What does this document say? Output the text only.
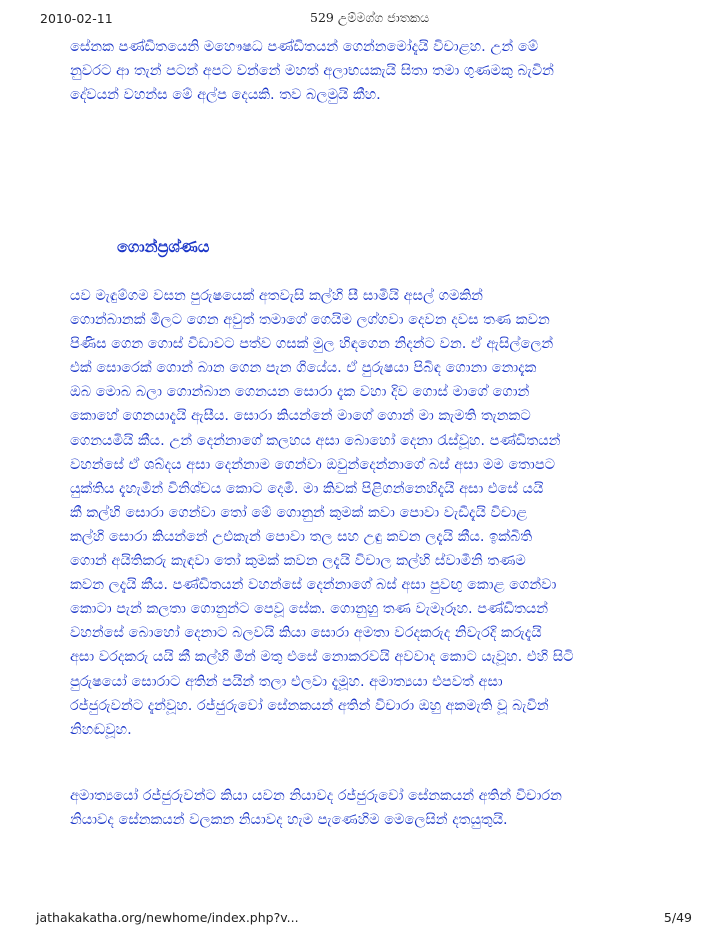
2010-02-11	529 උම්මග්ග ජාතකය
සේනක පණ්ඩිතයෙනි මහෞෂධ පණ්ඩිතයන් ගෙන්නමෝදැයි විචාළහ. උන් මේ
නුවරට ආ තැන් පටන් අපට වන්නේ මහත් අලාභයකැයි සිතා තමා ගුණමකු බැවින්
දේවයන් වහන්ස මේ අල්ප දෙයකි. තව බලමුයි කීහ.
ගොන්ප්‍රශ්ණය
යව මැඳුම්ගම වසන පුරුෂයෙක් අතවැසි කල්හි සී සාමියි අසල් ගමකින්
ගොන්බානක් මිලට ගෙන අවුත් තමාගේ ගෙයිම ලග්ගවා දෙවන දවස තණ කවන
පිණිස ගෙන ගොස් විඩාවට පත්ව ගසක් මුල හිඳගෙන නිදන්ට වන. ඒ ඇසිල්ලෙන්
එක් සොරෙක් ගොන් බාන ගෙන පැන ගියේය. ඒ පුරුෂයා පිබිඳ ගොනා නොදැක
ඔබ මොබ බලා ගොන්බාන ගෙනයන සොරා දැක වහා දිව ගොස් මාගේ ගොන්
කොහේ ගෙනයාදැයි ඇසීය. සොරා කියන්නේ මාගේ ගොන් මා කැමති තැනකට
ගෙනයමියි කීය. උන් දෙන්නාගේ කලහය අසා බොහෝ දෙනා රැස්වූහ. පණ්ඩිතයන්
වහන්සේ ඒ ශබ්දය අසා දෙන්නාම ගෙන්වා ඔවුන්දෙන්නාගේ බස් අසා මම තොපට
යුක්තිය දැහැමින් විනිශ්චය කොට දෙමි. මා කිවක් පිළිගන්නෙහිදැයි අසා එසේ යයි
කී කල්හි සොරා ගෙන්වා තෝ මේ ගොනුන් කුමක් කවා පොවා වැඩීදැයි විචාළ
කල්හි සොරා කියන්නේ උළුකැන් පොවා තල සහ උඳු කවන ලදැයි කීය. ඉක්බිති
ගොන් අයිතිකරු කැඳවා තෝ කුමක් කවන ලදැයි විචාල කල්හි ස්වාමීනි තණම
කවන ලදැයි කීය. පණ්ඩිතයන් වහන්සේ දෙන්නාගේ බස් අසා පුවඟු කොළ ගෙන්වා
කොටා පැන් කලතා ගොනුන්ට පෙවූ සේක. ගොනුහු තණ වැමෑරූහ. පණ්ඩිතයන්
වහන්සේ බොහෝ දෙනාට බලවයි කියා සොරා අමතා වරදකරුද නිවැරදි කරුදැයි
අසා වරදකරු යයි කී කල්හි මින් මතු එසේ නොකරවයි අවවාද කොට යැවූහ. එහි සිටි
පුරුෂයෝ සොරාට අතින් පයින් තලා එලවා දැමූහ. අමාත්‍යයා එපවත් අසා
රජ්ජුරුවන්ට දැන්වූහ. රජ්ජුරුවෝ සේනකයන් අතින් විචාරා ඔහු අකමැති වූ බැවින්
නිහඬවූහ.
අමාත්‍යයෝ රජ්ජුරුවන්ට කියා යවන නියාවද රජ්ජුරුවෝ සේනකයන් අතින් විචාරන
නියාවද සේනකයන් වලකන නියාවද හැම පැණෙහිම මෙලෙසින් දතයුතුයි.
jathakakatha.org/newhome/index.php?v...	5/49
